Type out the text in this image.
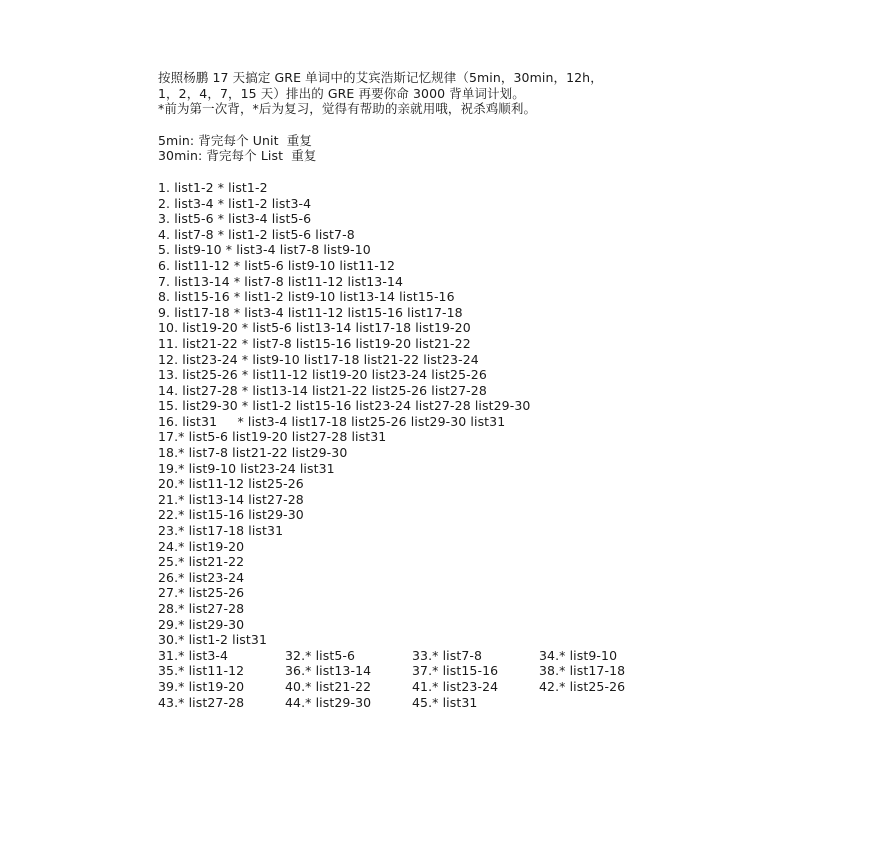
按照杨鹏 17 天搞定 GRE 单词中的艾宾浩斯记忆规律（5min，30min，12h，
1，2，4，7，15 天）排出的 GRE 再要你命 3000 背单词计划。
*前为第一次背，*后为复习，觉得有帮助的亲就用哦，祝杀鸡顺利。
5min: 背完每个 Unit  重复
30min: 背完每个 List  重复
1. list1-2 * list1-2
2. list3-4 * list1-2 list3-4
3. list5-6 * list3-4 list5-6
4. list7-8 * list1-2 list5-6 list7-8
5. list9-10 * list3-4 list7-8 list9-10
6. list11-12 * list5-6 list9-10 list11-12
7. list13-14 * list7-8 list11-12 list13-14
8. list15-16 * list1-2 list9-10 list13-14 list15-16
9. list17-18 * list3-4 list11-12 list15-16 list17-18
10. list19-20 * list5-6 list13-14 list17-18 list19-20
11. list21-22 * list7-8 list15-16 list19-20 list21-22
12. list23-24 * list9-10 list17-18 list21-22 list23-24
13. list25-26 * list11-12 list19-20 list23-24 list25-26
14. list27-28 * list13-14 list21-22 list25-26 list27-28
15. list29-30 * list1-2 list15-16 list23-24 list27-28 list29-30
16. list31     * list3-4 list17-18 list25-26 list29-30 list31
17.* list5-6 list19-20 list27-28 list31
18.* list7-8 list21-22 list29-30
19.* list9-10 list23-24 list31
20.* list11-12 list25-26
21.* list13-14 list27-28
22.* list15-16 list29-30
23.* list17-18 list31
24.* list19-20
25.* list21-22
26.* list23-24
27.* list25-26
28.* list27-28
29.* list29-30
30.* list1-2 list31
31.* list3-4	32.* list5-6	33.* list7-8	34.* list9-10
35.* list11-12	36.* list13-14	37.* list15-16	38.* list17-18
39.* list19-20	40.* list21-22	41.* list23-24	42.* list25-26
43.* list27-28	44.* list29-30	45.* list31
